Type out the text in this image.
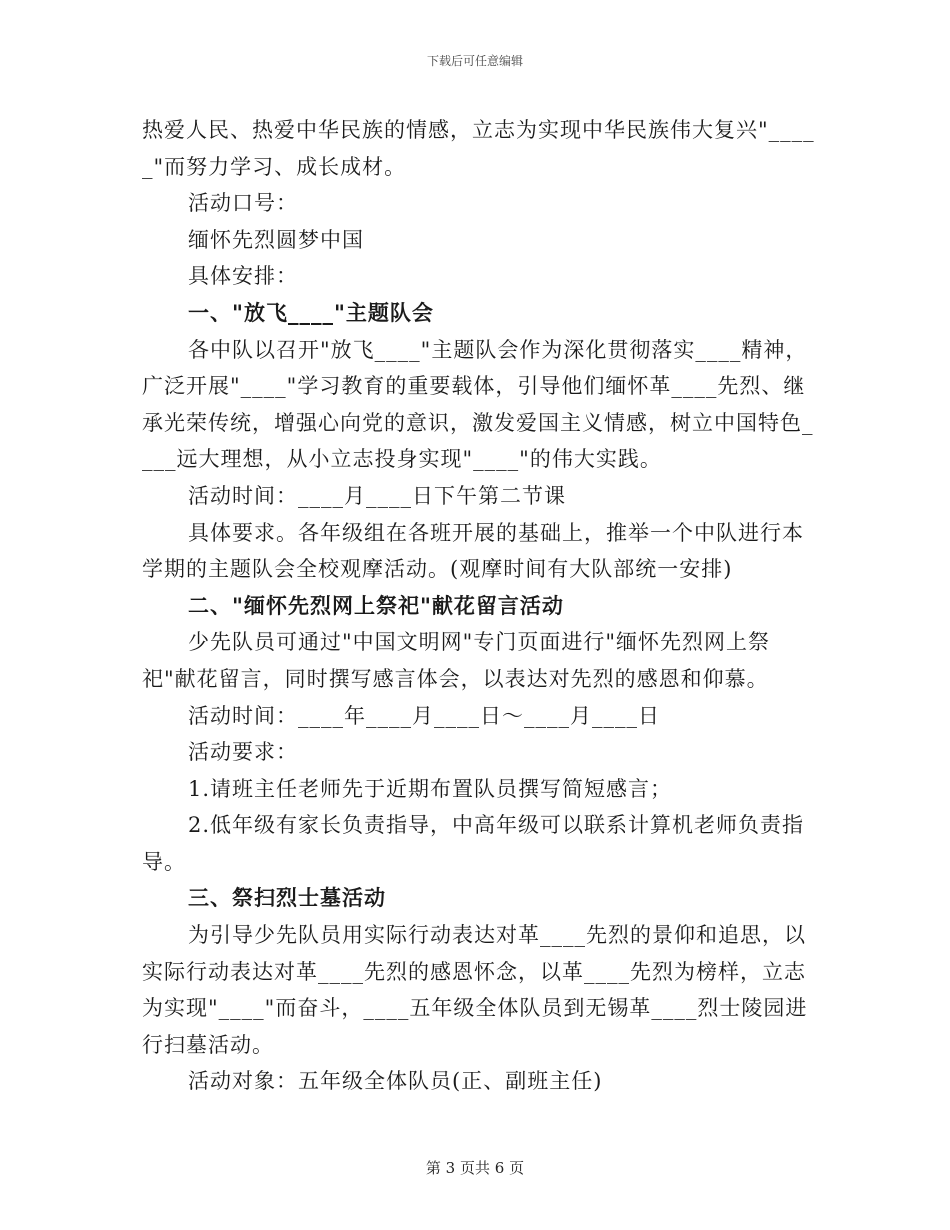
下载后可任意编辑
热爱人民、热爱中华民族的情感，立志为实现中华民族伟大复兴"____
_"而努力学习、成长成材。
活动口号：
缅怀先烈圆梦中国
具体安排：
一、"放飞____"主题队会
各中队以召开"放飞____"主题队会作为深化贯彻落实____精神，
广泛开展"____"学习教育的重要载体，引导他们缅怀革____先烈、继
承光荣传统，增强心向党的意识，激发爱国主义情感，树立中国特色_
___远大理想，从小立志投身实现"____"的伟大实践。
活动时间：____月____日下午第二节课
具体要求。各年级组在各班开展的基础上，推举一个中队进行本
学期的主题队会全校观摩活动。(观摩时间有大队部统一安排)
二、"缅怀先烈网上祭祀"献花留言活动
少先队员可通过"中国文明网"专门页面进行"缅怀先烈网上祭
祀"献花留言，同时撰写感言体会，以表达对先烈的感恩和仰慕。
活动时间：____年____月____日～____月____日
活动要求：
1.请班主任老师先于近期布置队员撰写简短感言；
2.低年级有家长负责指导，中高年级可以联系计算机老师负责指
导。
三、祭扫烈士墓活动
为引导少先队员用实际行动表达对革____先烈的景仰和追思，以
实际行动表达对革____先烈的感恩怀念，以革____先烈为榜样，立志
为实现"____"而奋斗，____五年级全体队员到无锡革____烈士陵园进
行扫墓活动。
活动对象：五年级全体队员(正、副班主任)
第 3 页共 6 页
